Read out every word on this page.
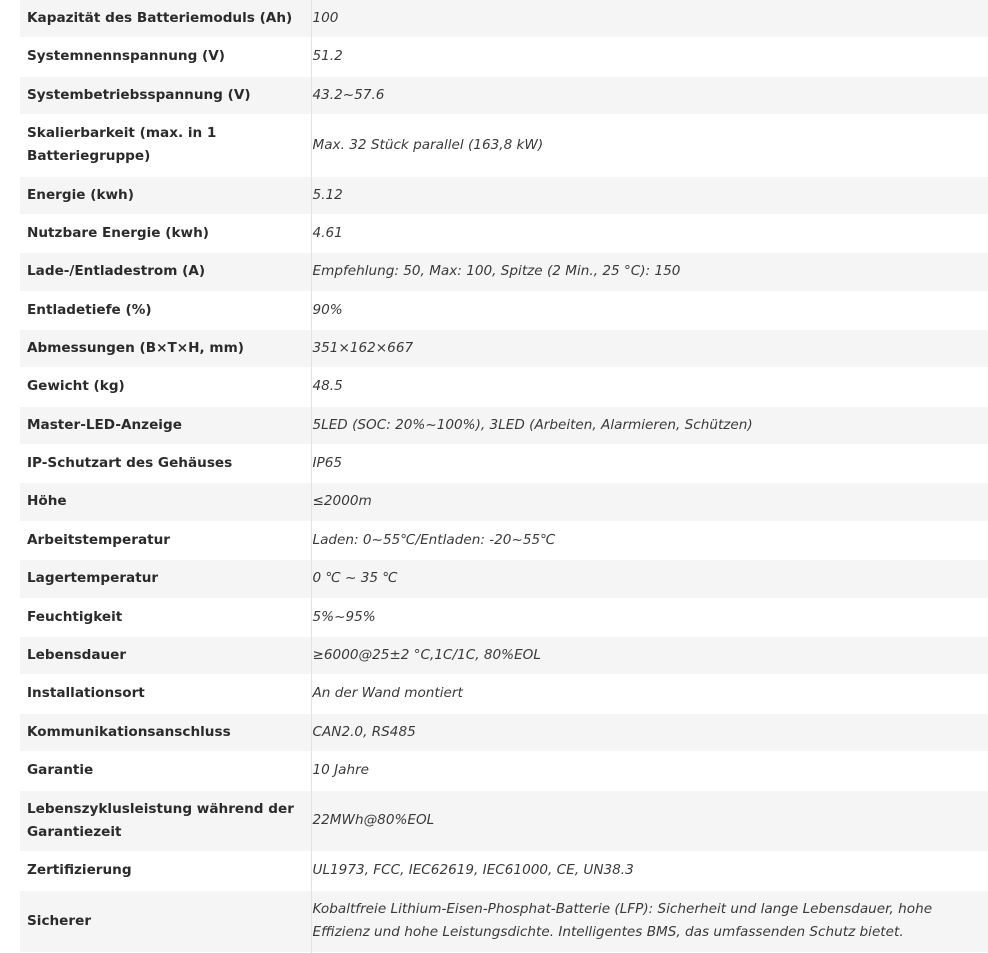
Kapazität des Batteriemoduls (Ah)	100
Systemnennspannung (V)	51.2
Systembetriebsspannung (V)	43.2~57.6
Skalierbarkeit (max. in 1 Batteriegruppe)	Max. 32 Stück parallel (163,8 kW)
Energie (kwh)	5.12
Nutzbare Energie (kwh)	4.61
Lade-/Entladestrom (A)	Empfehlung: 50, Max: 100, Spitze (2 Min., 25 °C): 150
Entladetiefe (%)	90%
Abmessungen (B×T×H, mm)	351×162×667
Gewicht (kg)	48.5
Master-LED-Anzeige	5LED (SOC: 20%~100%), 3LED (Arbeiten, Alarmieren, Schützen)
IP-Schutzart des Gehäuses	IP65
Höhe	≤2000m
Arbeitstemperatur	Laden: 0~55℃/Entladen: -20~55℃
Lagertemperatur	0 ℃ ~ 35 ℃
Feuchtigkeit	5%~95%
Lebensdauer	≥6000@25±2 °C,1C/1C, 80%EOL
Installationsort	An der Wand montiert
Kommunikationsanschluss	CAN2.0, RS485
Garantie	10 Jahre
Lebenszyklusleistung während der Garantiezeit	22MWh@80%EOL
Zertifizierung	UL1973, FCC, IEC62619, IEC61000, CE, UN38.3
Sicherer	Kobaltfreie Lithium-Eisen-Phosphat-Batterie (LFP): Sicherheit und lange Lebensdauer, hohe Effizienz und hohe Leistungsdichte. Intelligentes BMS, das umfassenden Schutz bietet.
